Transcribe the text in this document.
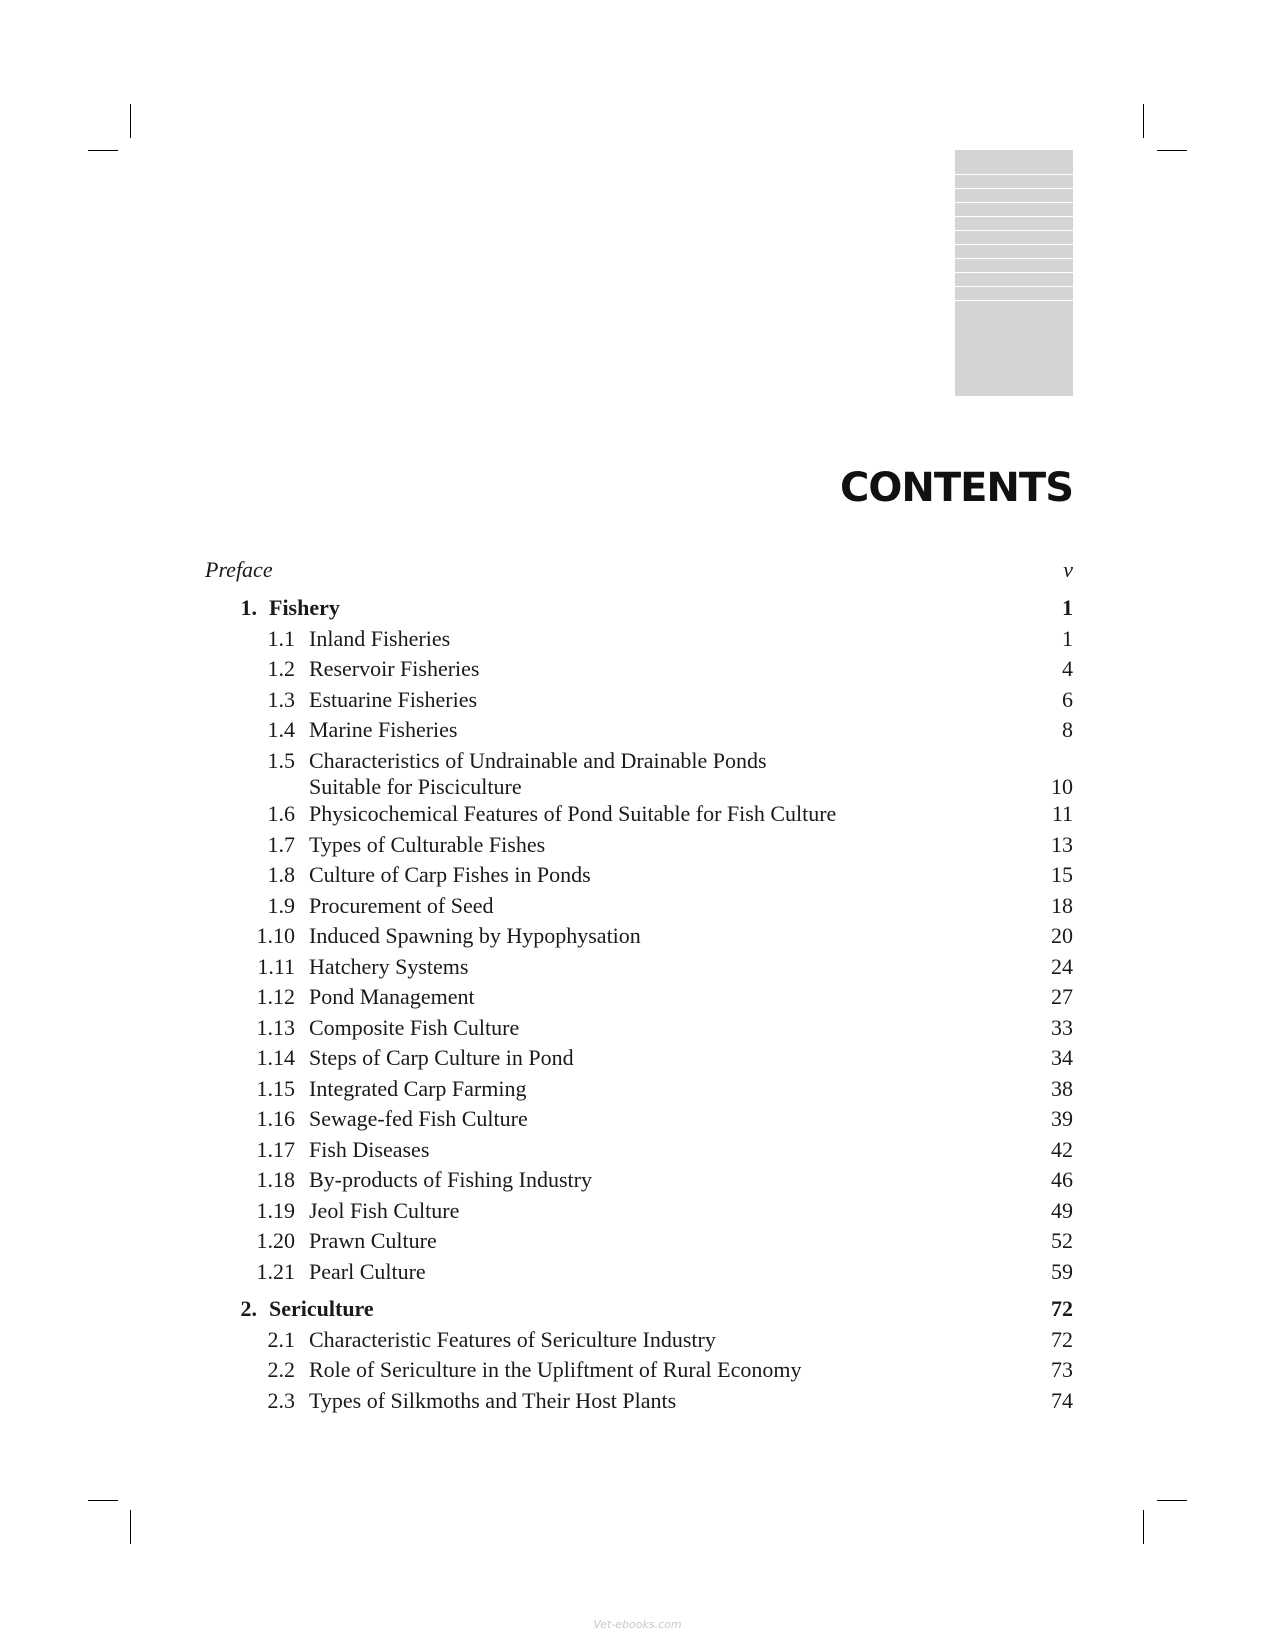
CONTENTS
Preface	v
1. Fishery	1
1.1 Inland Fisheries	1
1.2 Reservoir Fisheries	4
1.3 Estuarine Fisheries	6
1.4 Marine Fisheries	8
1.5 Characteristics of Undrainable and Drainable Ponds
Suitable for Pisciculture	10
1.6 Physicochemical Features of Pond Suitable for Fish Culture	11
1.7 Types of Culturable Fishes	13
1.8 Culture of Carp Fishes in Ponds	15
1.9 Procurement of Seed	18
1.10 Induced Spawning by Hypophysation	20
1.11 Hatchery Systems	24
1.12 Pond Management	27
1.13 Composite Fish Culture	33
1.14 Steps of Carp Culture in Pond	34
1.15 Integrated Carp Farming	38
1.16 Sewage-fed Fish Culture	39
1.17 Fish Diseases	42
1.18 By-products of Fishing Industry	46
1.19 Jeol Fish Culture	49
1.20 Prawn Culture	52
1.21 Pearl Culture	59
2. Sericulture	72
2.1 Characteristic Features of Sericulture Industry	72
2.2 Role of Sericulture in the Upliftment of Rural Economy	73
2.3 Types of Silkmoths and Their Host Plants	74
Vet-ebooks.com
